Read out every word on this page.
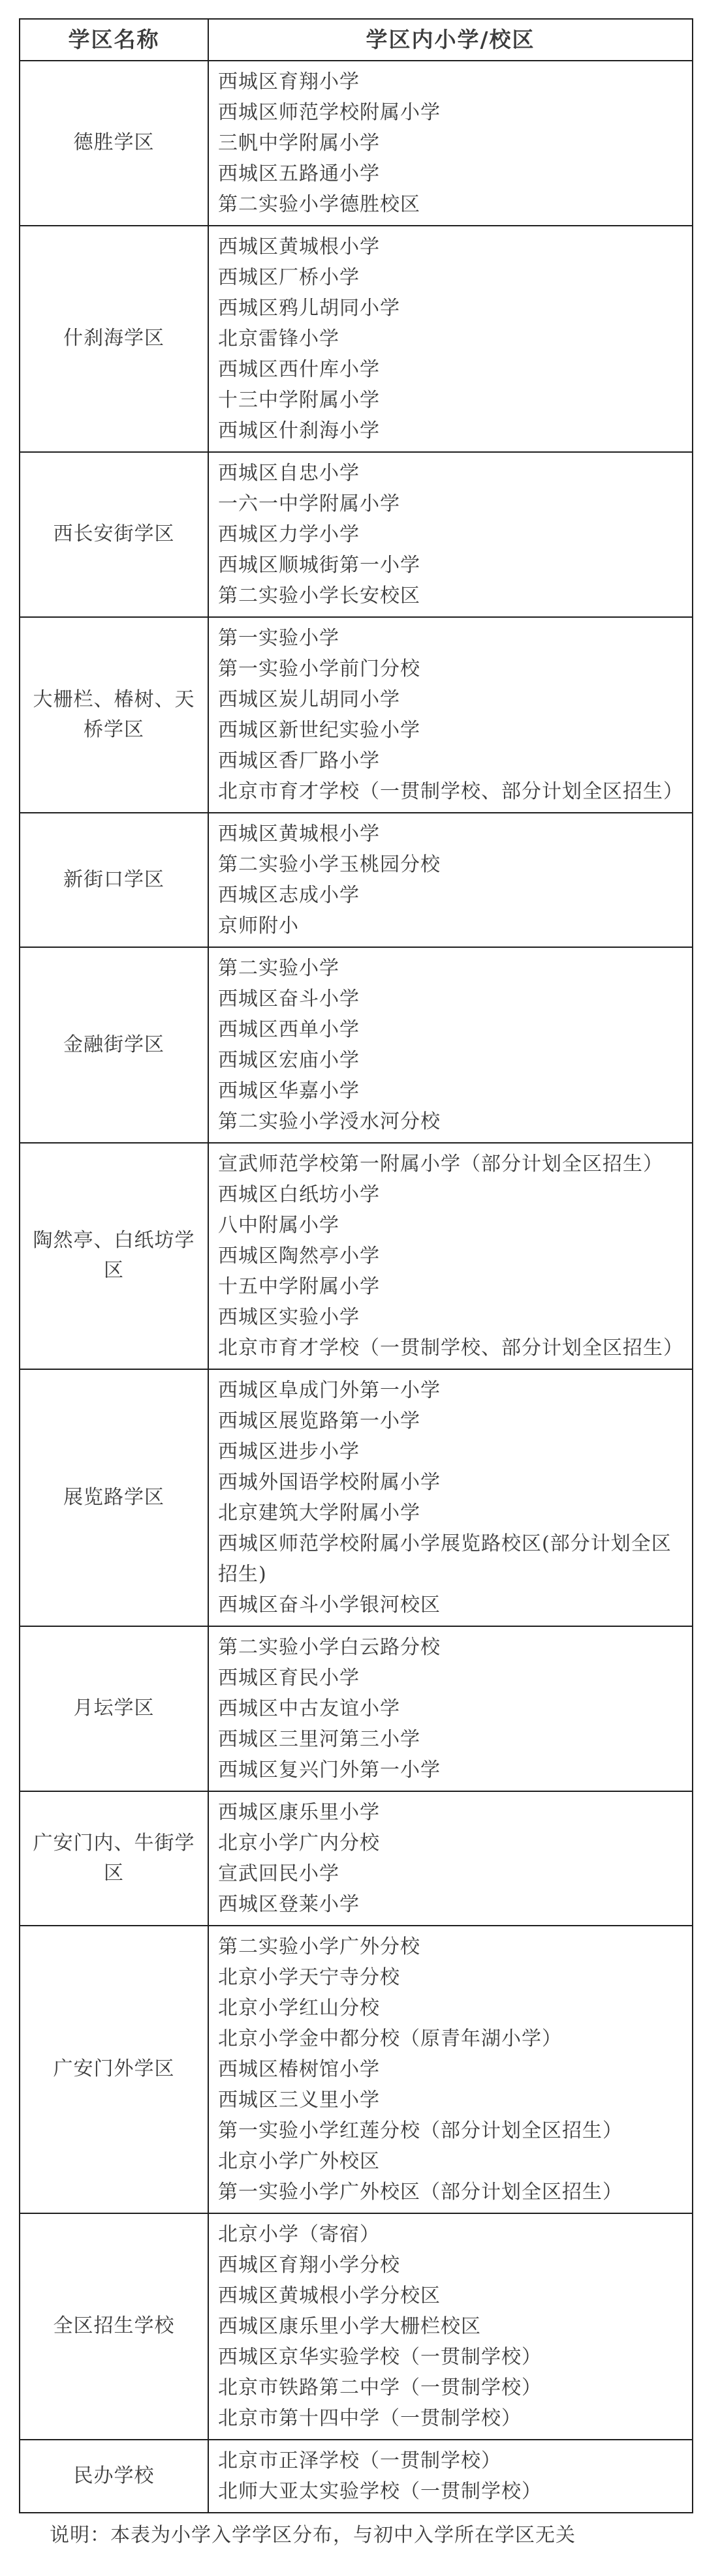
学区名称	学区内小学/校区
德胜学区
西城区育翔小学
西城区师范学校附属小学
三帆中学附属小学
西城区五路通小学
第二实验小学德胜校区
什刹海学区
西城区黄城根小学
西城区厂桥小学
西城区鸦儿胡同小学
北京雷锋小学
西城区西什库小学
十三中学附属小学
西城区什刹海小学
西长安街学区
西城区自忠小学
一六一中学附属小学
西城区力学小学
西城区顺城街第一小学
第二实验小学长安校区
大栅栏、椿树、天桥学区
第一实验小学
第一实验小学前门分校
西城区炭儿胡同小学
西城区新世纪实验小学
西城区香厂路小学
北京市育才学校（一贯制学校、部分计划全区招生）
新街口学区
西城区黄城根小学
第二实验小学玉桃园分校
西城区志成小学
京师附小
金融街学区
第二实验小学
西城区奋斗小学
西城区西单小学
西城区宏庙小学
西城区华嘉小学
第二实验小学涭水河分校
陶然亭、白纸坊学区
宣武师范学校第一附属小学（部分计划全区招生）
西城区白纸坊小学
八中附属小学
西城区陶然亭小学
十五中学附属小学
西城区实验小学
北京市育才学校（一贯制学校、部分计划全区招生）
展览路学区
西城区阜成门外第一小学
西城区展览路第一小学
西城区进步小学
西城外国语学校附属小学
北京建筑大学附属小学
西城区师范学校附属小学展览路校区(部分计划全区招生)
西城区奋斗小学银河校区
月坛学区
第二实验小学白云路分校
西城区育民小学
西城区中古友谊小学
西城区三里河第三小学
西城区复兴门外第一小学
广安门内、牛街学区
西城区康乐里小学
北京小学广内分校
宣武回民小学
西城区登莱小学
广安门外学区
第二实验小学广外分校
北京小学天宁寺分校
北京小学红山分校
北京小学金中都分校（原青年湖小学）
西城区椿树馆小学
西城区三义里小学
第一实验小学红莲分校（部分计划全区招生）
北京小学广外校区
第一实验小学广外校区（部分计划全区招生）
全区招生学校
北京小学（寄宿）
西城区育翔小学分校
西城区黄城根小学分校区
西城区康乐里小学大栅栏校区
西城区京华实验学校（一贯制学校）
北京市铁路第二中学（一贯制学校）
北京市第十四中学（一贯制学校）
民办学校
北京市正泽学校（一贯制学校）
北师大亚太实验学校（一贯制学校）
说明：本表为小学入学学区分布，与初中入学所在学区无关
